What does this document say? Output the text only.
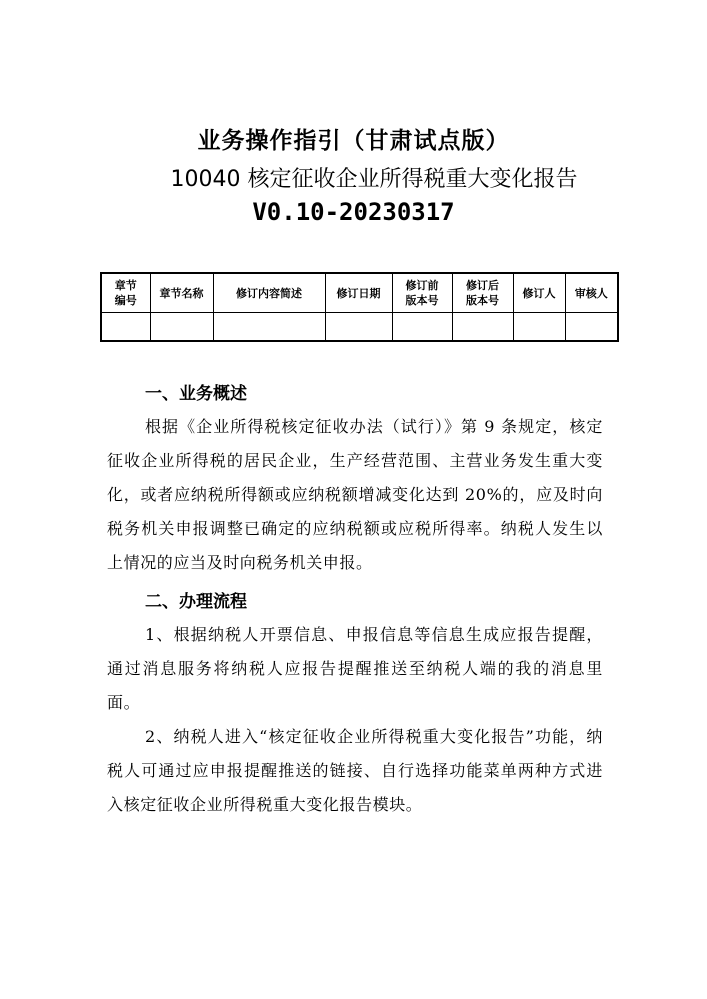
业务操作指引（甘肃试点版）
10040 核定征收企业所得税重大变化报告
V0.10-20230317
章节编号	章节名称	修订内容简述	修订日期	修订前版本号	修订后版本号	修订人	审核人

一、业务概述

根据《企业所得税核定征收办法（试行）》第 9 条规定，核定征收企业所得税的居民企业，生产经营范围、主营业务发生重大变化，或者应纳税所得额或应纳税额增减变化达到 20%的，应及时向税务机关申报调整已确定的应纳税额或应税所得率。纳税人发生以上情况的应当及时向税务机关申报。

二、办理流程

1、根据纳税人开票信息、申报信息等信息生成应报告提醒，通过消息服务将纳税人应报告提醒推送至纳税人端的我的消息里面。

2、纳税人进入“核定征收企业所得税重大变化报告”功能，纳税人可通过应申报提醒推送的链接、自行选择功能菜单两种方式进入核定征收企业所得税重大变化报告模块。
